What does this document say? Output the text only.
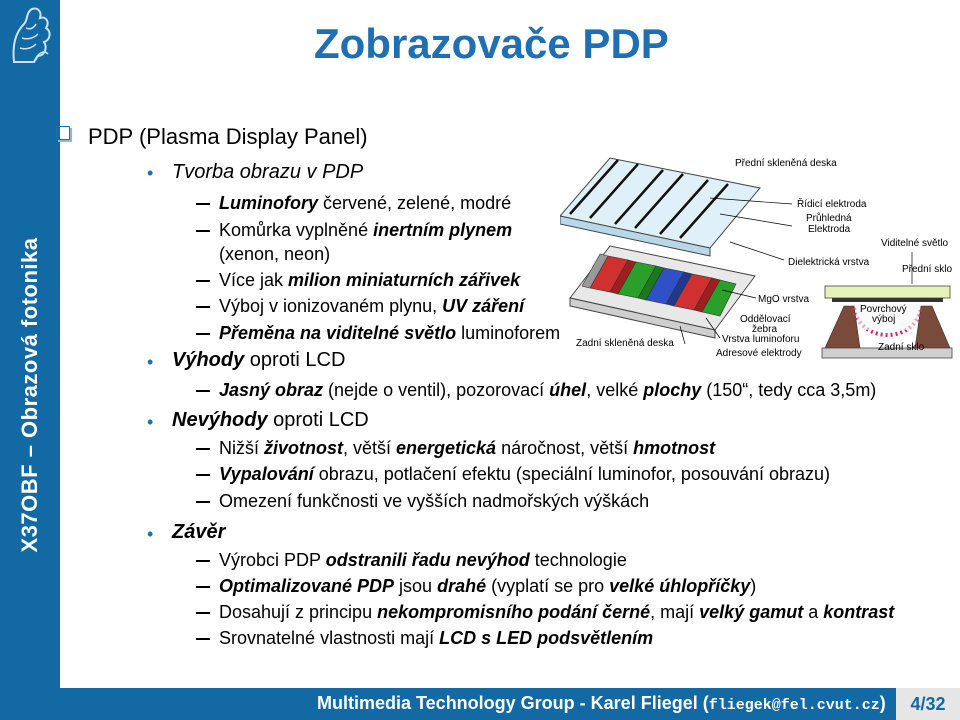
X37OBF – Obrazová fotonika
Zobrazovače PDP
PDP (Plasma Display Panel)
• Tvorba obrazu v PDP
Luminofory červené, zelené, modré
Komůrka vyplněné inertním plynem
(xenon, neon)
Více jak milion miniaturních zářivek
Výboj v ionizovaném plynu, UV záření
Přeměna na viditelné světlo luminoforem
• Výhody oproti LCD
Jasný obraz (nejde o ventil), pozorovací úhel, velké plochy (150“, tedy cca 3,5m)
• Nevýhody oproti LCD
Nižší životnost, větší energetická náročnost, větší hmotnost
Vypalování obrazu, potlačení efektu (speciální luminofor, posouvání obrazu)
Omezení funkčnosti ve vyšších nadmořských výškách
• Závěr
Výrobci PDP odstranili řadu nevýhod technologie
Optimalizované PDP jsou drahé (vyplatí se pro velké úhlopříčky)
Dosahují z principu nekompromisního podání černé, mají velký gamut a kontrast
Srovnatelné vlastnosti mají LCD s LED podsvětlením
Přední skleněná deska
Řídicí elektroda
Průhledná
Elektroda
Dielektrická vrstva
MgO vrstva
Oddělovací
žebra
Vrstva luminoforu
Adresové elektrody
Zadní skleněná deska
Viditelné světlo
Přední sklo
Povrchový
výboj
Zadní sklo
Multimedia Technology Group - Karel Fliegel (fliegek@fel.cvut.cz)	4/32
